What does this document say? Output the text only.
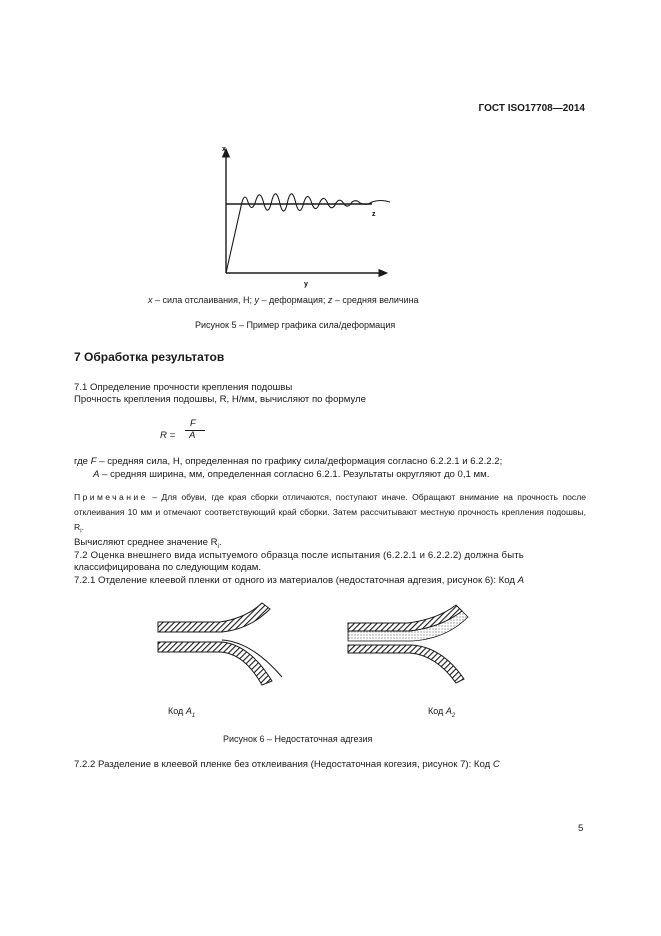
ГОСТ ISO17708—2014
x
y
z
x – сила отслаивания, Н; y – деформация; z – средняя величина
Рисунок 5 – Пример графика сила/деформация
7 Обработка результатов
7.1 Определение прочности крепления подошвы
Прочность крепления подошвы, R, Н/мм, вычисляют по формуле
R =
F
A
где F – средняя сила, Н, определенная по графику сила/деформация согласно 6.2.2.1 и 6.2.2.2;
A – средняя ширина, мм, определенная согласно 6.2.1. Результаты округляют до 0,1 мм.
Примечание – Для обуви, где края сборки отличаются, поступают иначе. Обращают внимание на прочность после отклеивания 10 мм и отмечают соответствующий край сборки. Затем рассчитывают местную прочность крепления подошвы, $R_i$.
Вычисляют среднее значение $R_i$.
7.2 Оценка внешнего вида испытуемого образца после испытания (6.2.2.1 и 6.2.2.2) должна быть
классифицирована по следующим кодам.
7.2.1 Отделение клеевой пленки от одного из материалов (недостаточная адгезия, рисунок 6): Код A
Код $A_1$	Код $A_2$
Рисунок 6 – Недостаточная адгезия
7.2.2 Разделение в клеевой пленке без отклеивания (Недостаточная когезия, рисунок 7): Код C
5
